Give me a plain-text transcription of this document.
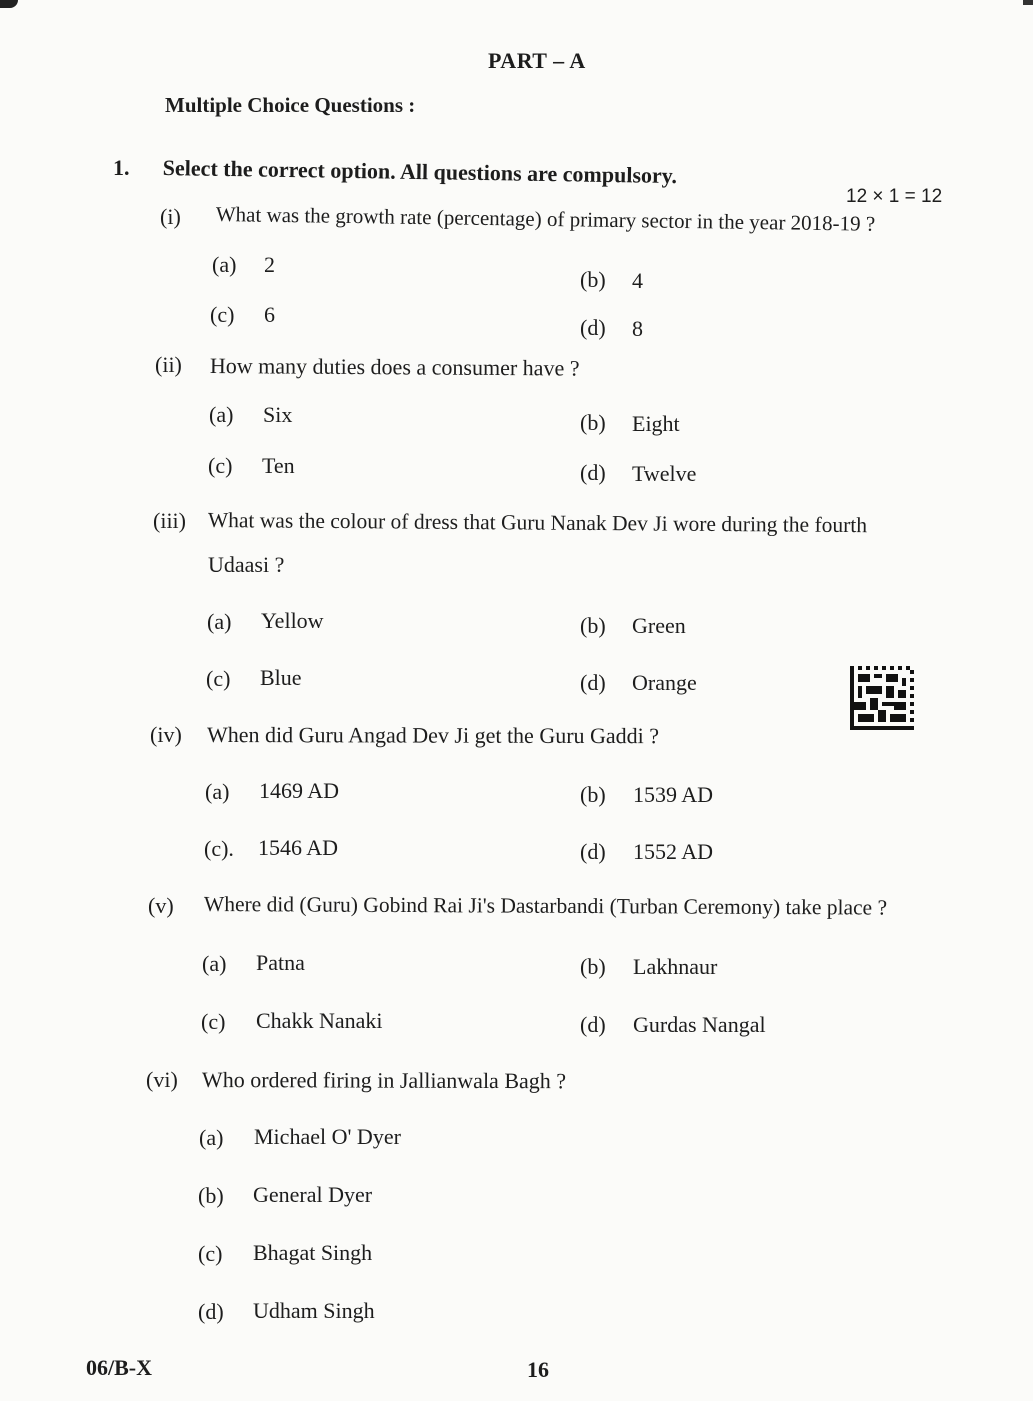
PART – A
Multiple Choice Questions :
1. Select the correct option. All questions are compulsory.
12 × 1 = 12
(i) What was the growth rate (percentage) of primary sector in the year 2018-19 ?
(a) 2
(b) 4
(c) 6
(d) 8
(ii) How many duties does a consumer have ?
(a) Six	(b) Eight
(c) Ten	(d) Twelve
(iii) What was the colour of dress that Guru Nanak Dev Ji wore during the fourth
Udaasi ?
(a) Yellow	(b) Green
(c) Blue	(d) Orange
(iv) When did Guru Angad Dev Ji get the Guru Gaddi ?
(a) 1469 AD	(b) 1539 AD
(c). 1546 AD	(d) 1552 AD
(v) Where did (Guru) Gobind Rai Ji's Dastarbandi (Turban Ceremony) take place ?
(a) Patna	(b) Lakhnaur
(c) Chakk Nanaki	(d) Gurdas Nangal
(vi) Who ordered firing in Jallianwala Bagh ?
(a) Michael O' Dyer
(b) General Dyer
(c) Bhagat Singh
(d) Udham Singh
06/B-X	16
